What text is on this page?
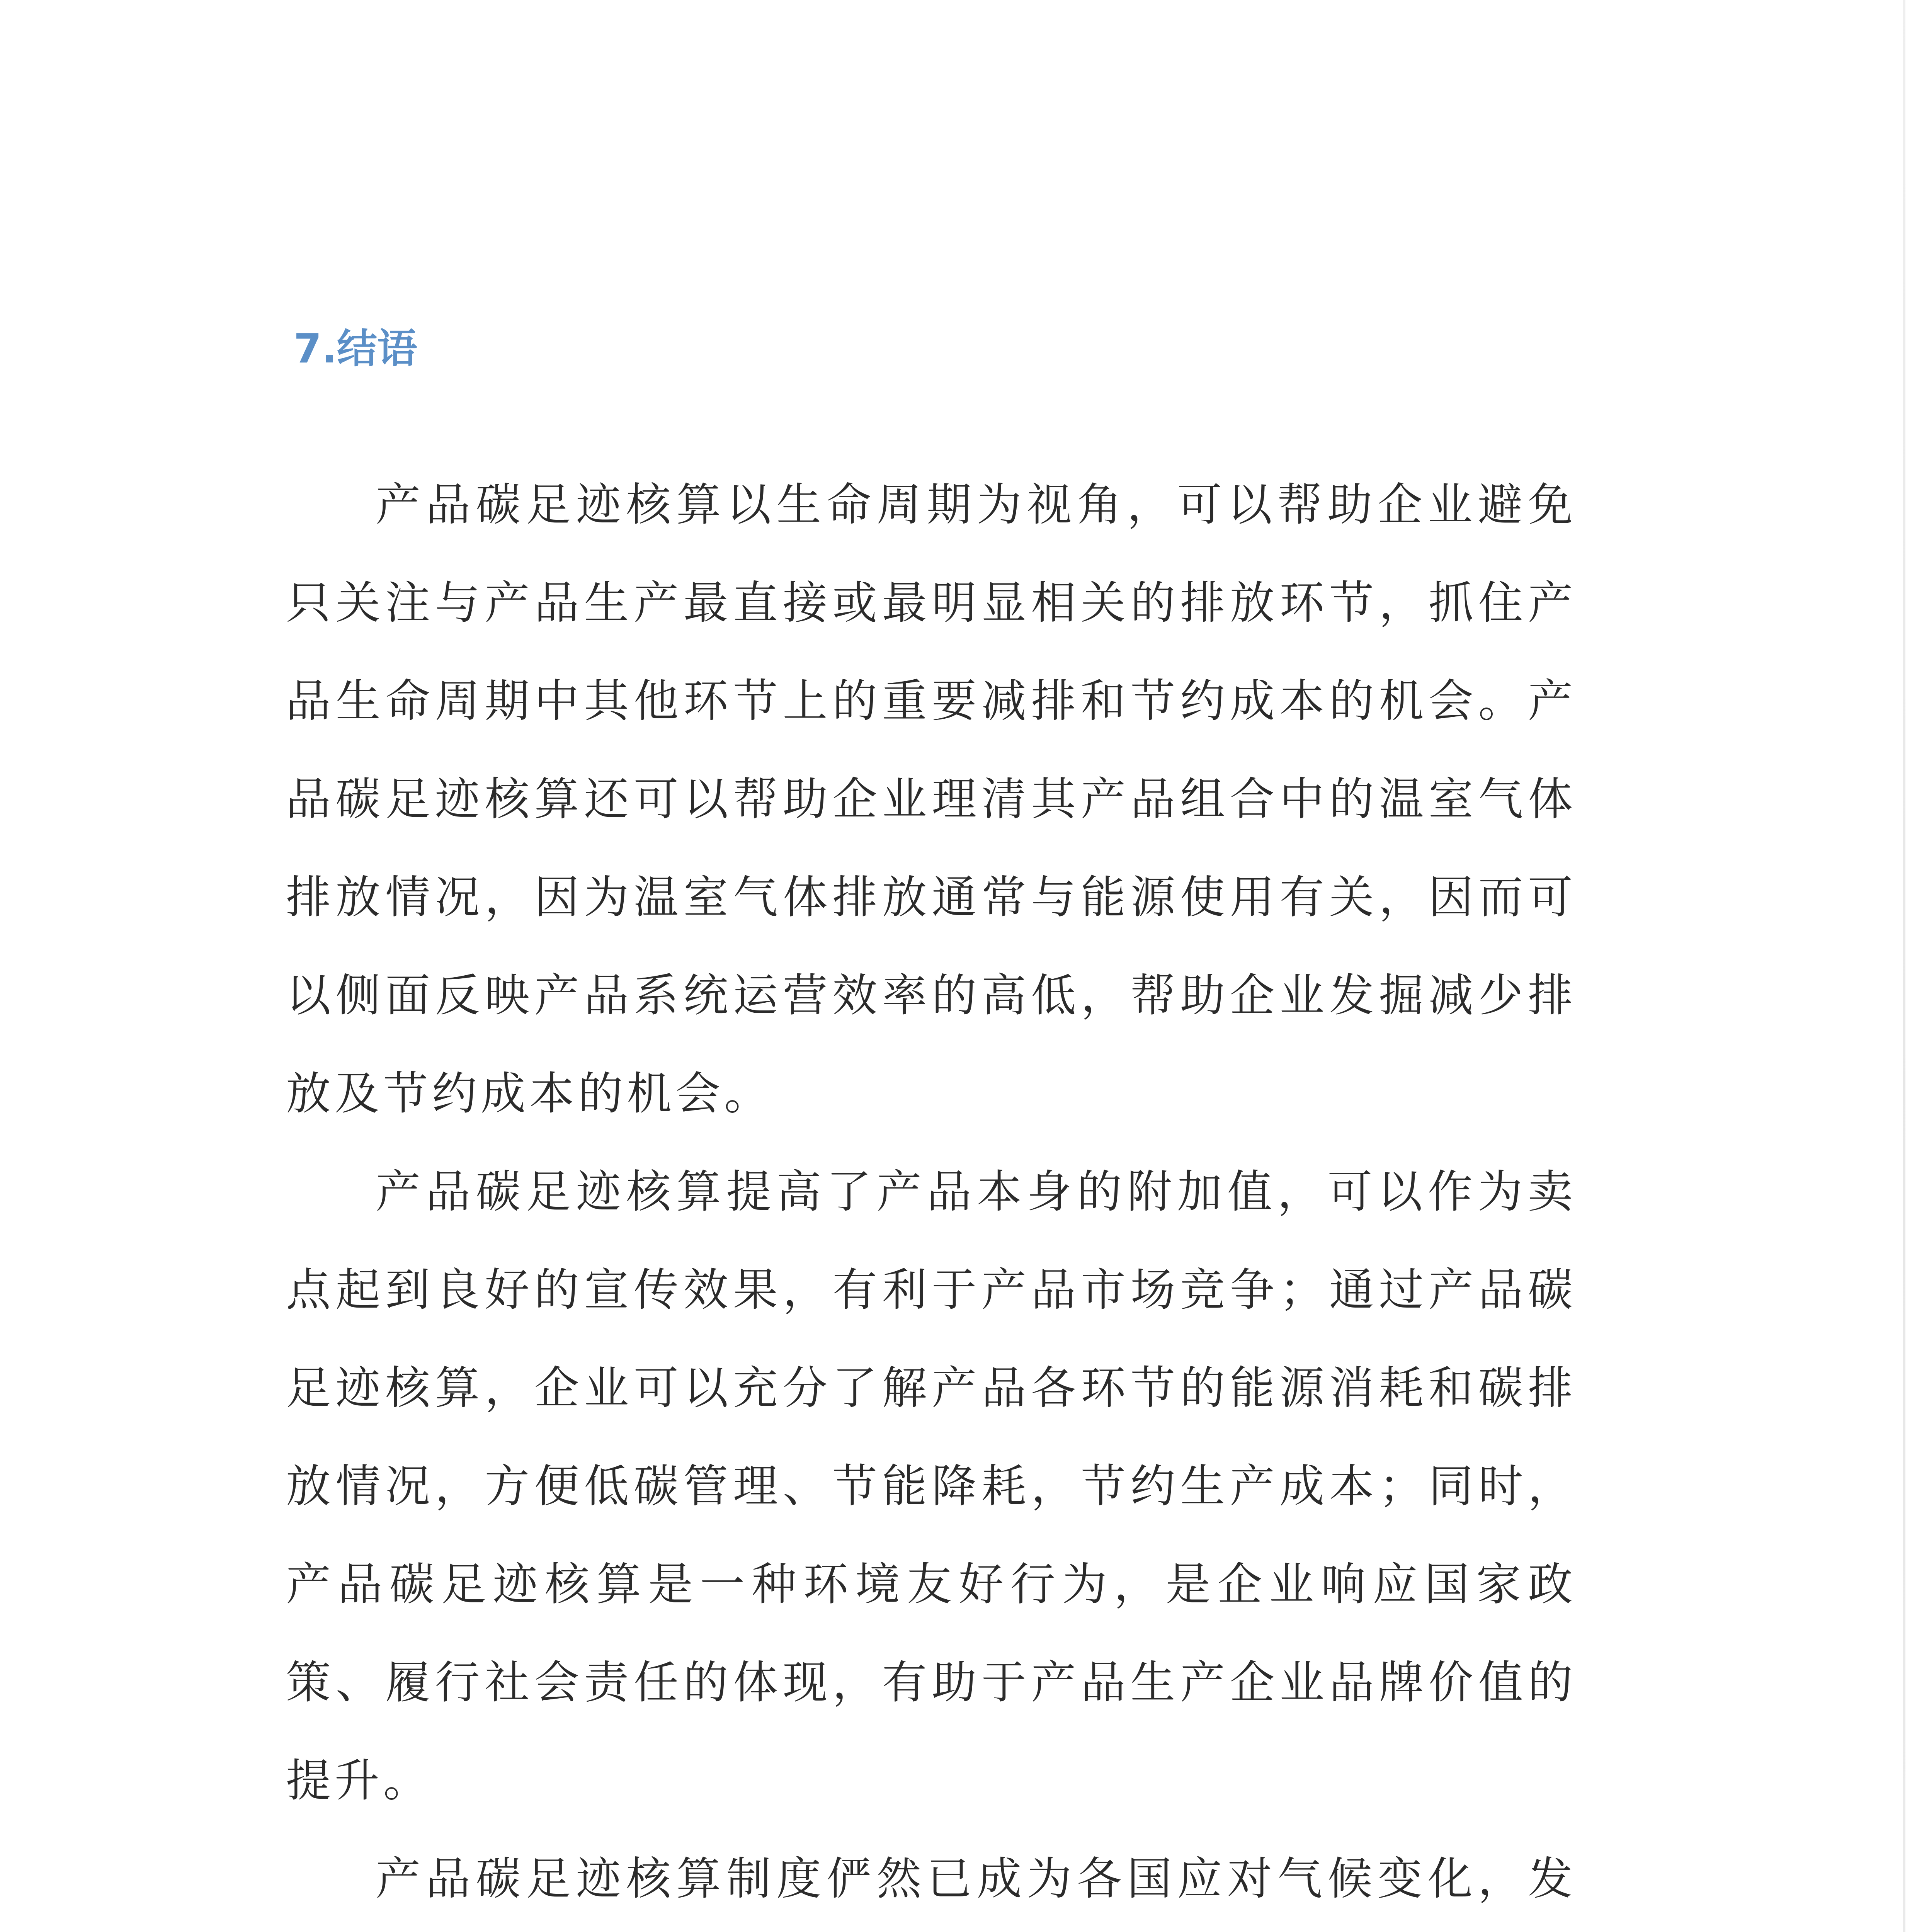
7.结语

产品碳足迹核算以生命周期为视角，可以帮助企业避免只关注与产品生产最直接或最明显相关的排放环节，抓住产品生命周期中其他环节上的重要减排和节约成本的机会。产品碳足迹核算还可以帮助企业理清其产品组合中的温室气体排放情况，因为温室气体排放通常与能源使用有关，因而可以侧面反映产品系统运营效率的高低，帮助企业发掘减少排放及节约成本的机会。

产品碳足迹核算提高了产品本身的附加值，可以作为卖点起到良好的宣传效果，有利于产品市场竞争；通过产品碳足迹核算，企业可以充分了解产品各环节的能源消耗和碳排放情况，方便低碳管理、节能降耗，节约生产成本；同时，产品碳足迹核算是一种环境友好行为，是企业响应国家政策、履行社会责任的体现，有助于产品生产企业品牌价值的提升。

产品碳足迹核算制度俨然已成为各国应对气候变化，发
